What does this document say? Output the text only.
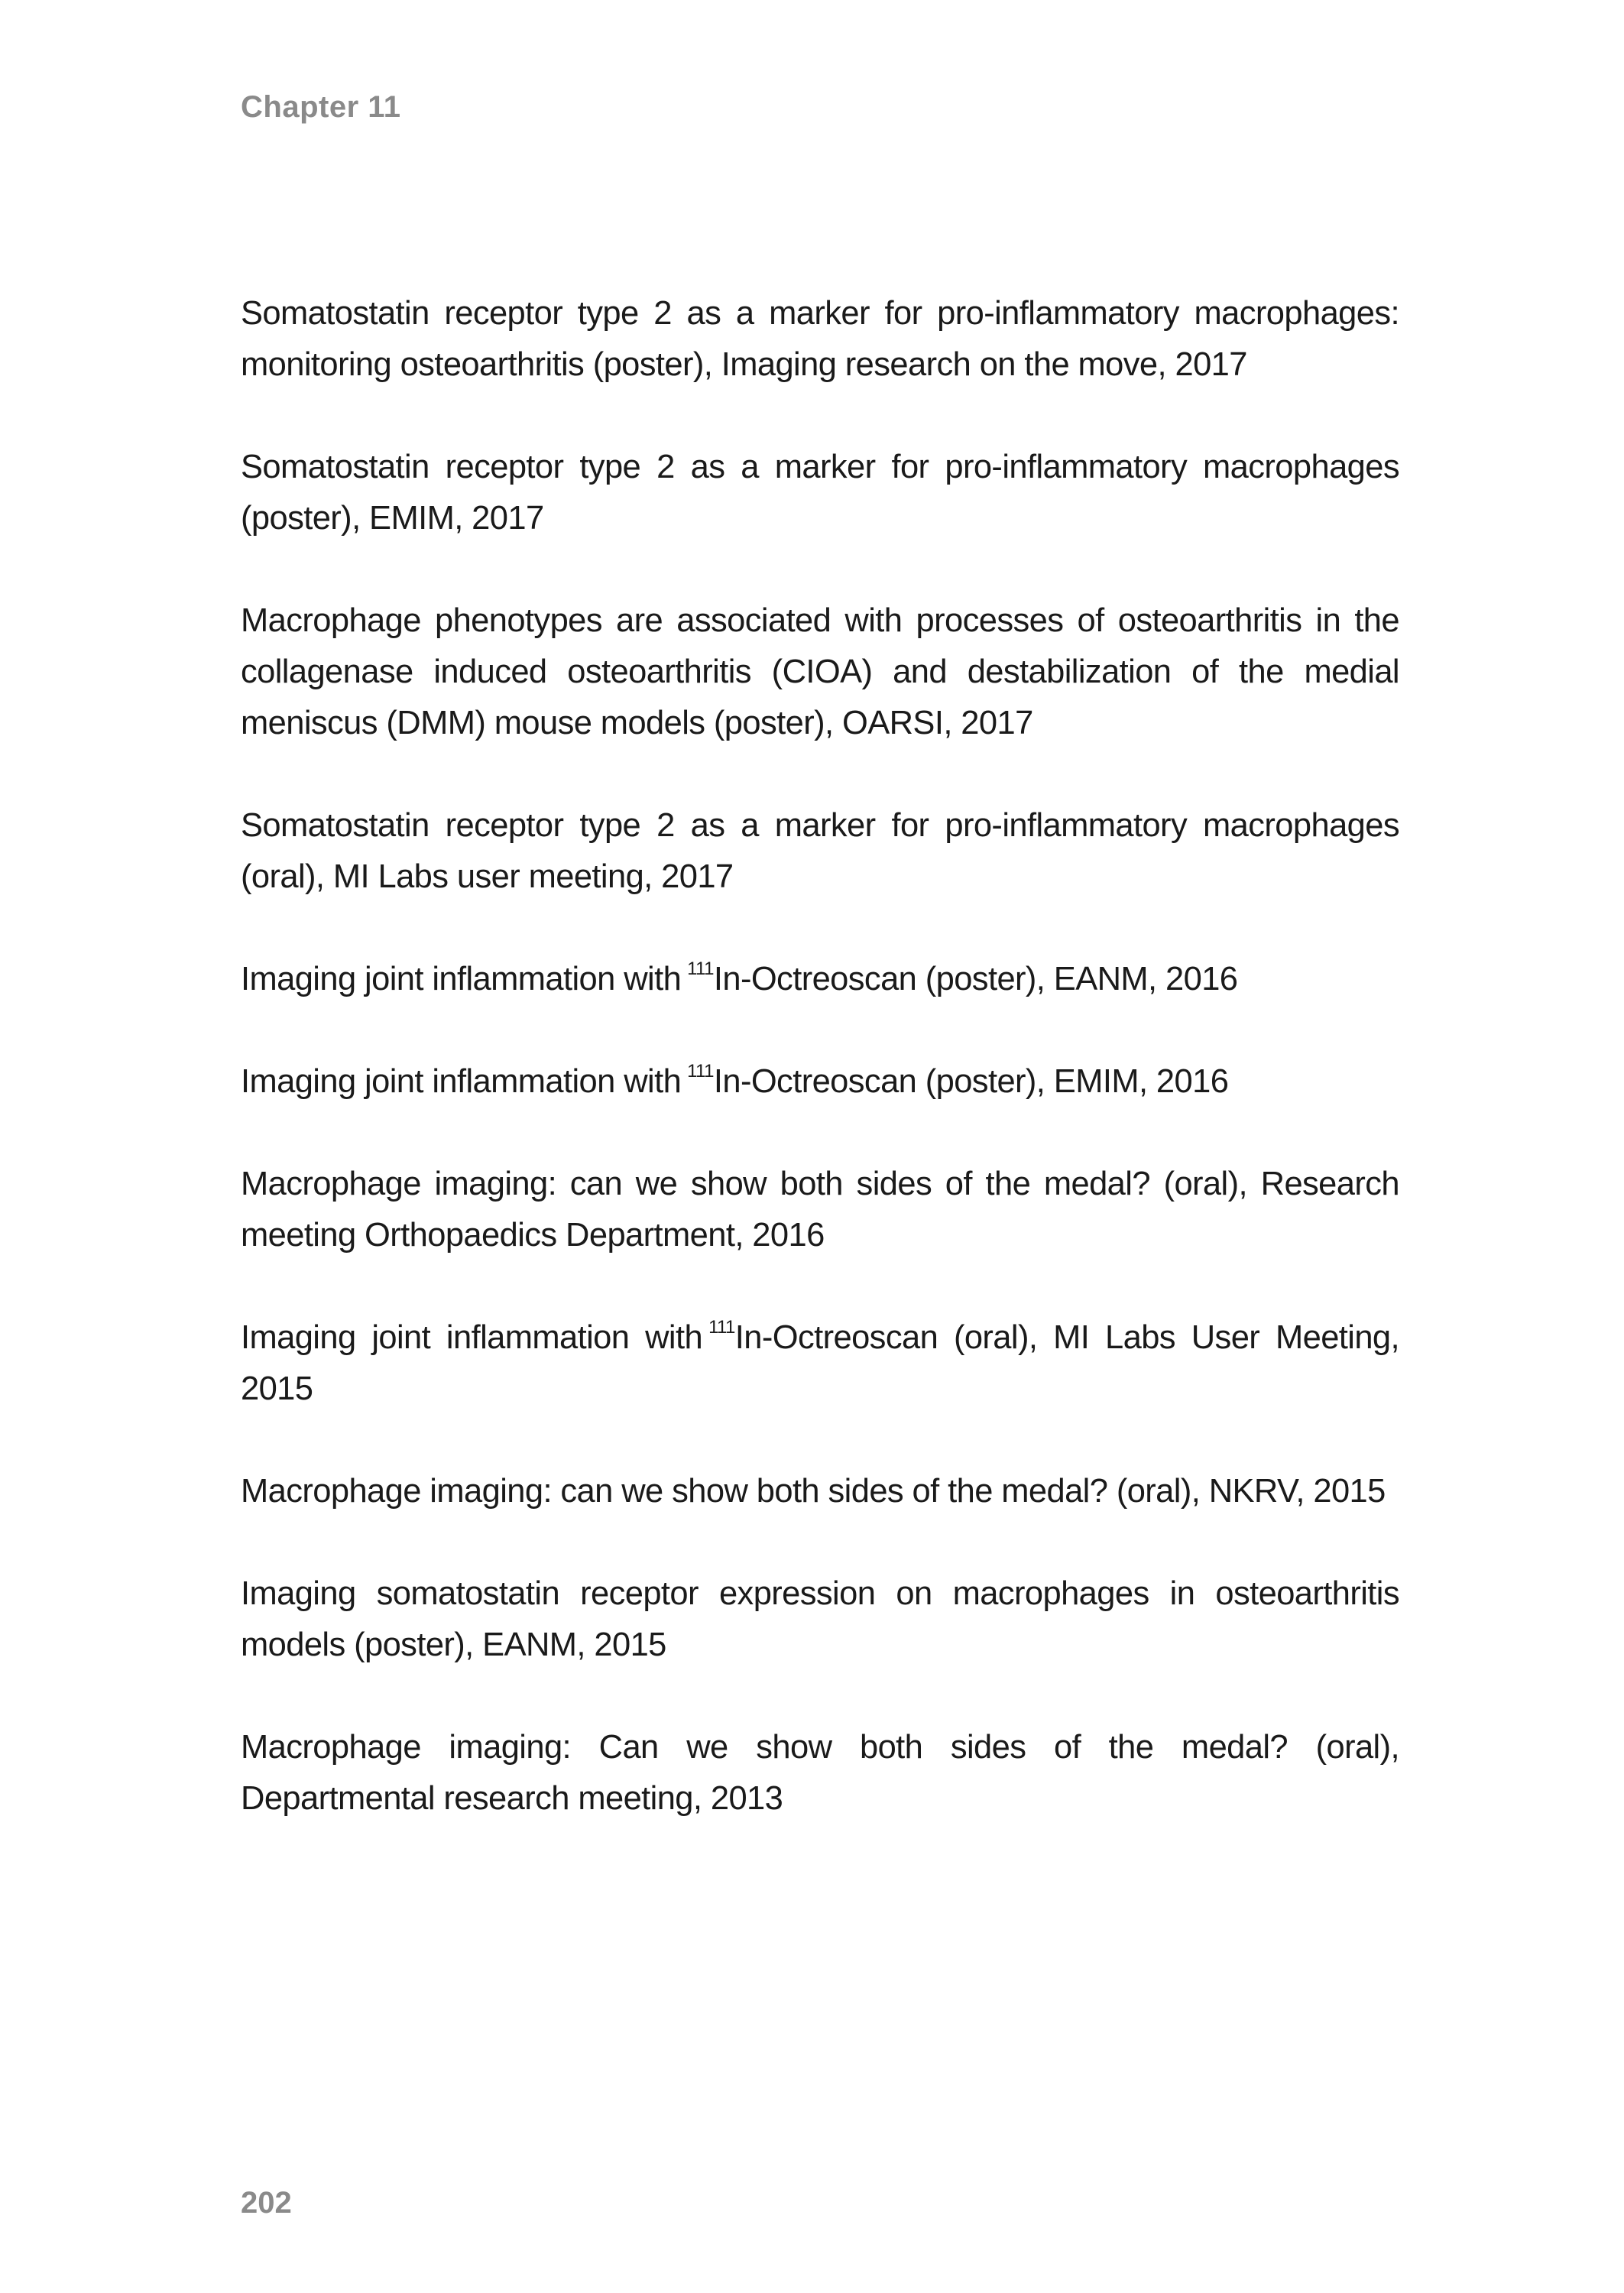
Chapter 11

Somatostatin receptor type 2 as a marker for pro-inflammatory macrophages: monitoring osteoarthritis (poster), Imaging research on the move, 2017

Somatostatin receptor type 2 as a marker for pro-inflammatory macrophages (poster), EMIM, 2017

Macrophage phenotypes are associated with processes of osteoarthritis in the collagenase induced osteoarthritis (CIOA) and destabilization of the medial meniscus (DMM) mouse models (poster), OARSI, 2017

Somatostatin receptor type 2 as a marker for pro-inflammatory macrophages (oral), MI Labs user meeting, 2017

Imaging joint inflammation with $^{111}$In-Octreoscan (poster), EANM, 2016

Imaging joint inflammation with $^{111}$In-Octreoscan (poster), EMIM, 2016

Macrophage imaging: can we show both sides of the medal? (oral), Research meeting Orthopaedics Department, 2016

Imaging joint inflammation with $^{111}$In-Octreoscan (oral), MI Labs User Meeting, 2015

Macrophage imaging: can we show both sides of the medal? (oral), NKRV, 2015

Imaging somatostatin receptor expression on macrophages in osteoarthritis models (poster), EANM, 2015

Macrophage imaging: Can we show both sides of the medal? (oral), Departmental research meeting, 2013

202
